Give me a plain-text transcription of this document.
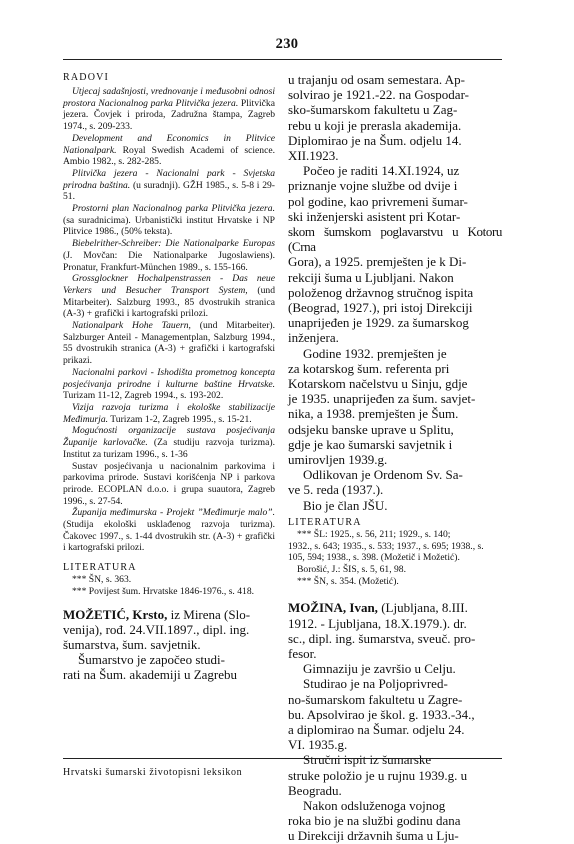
230

RADOVI

Utjecaj sadašnjosti, vrednovanje i međusobni odnosi prostora Nacionalnog parka Plitvička jezera. Plitvička jezera. Čovjek i priroda, Zadružna štampa, Zagreb 1974., s. 209-233.

Development and Economics in Plitvice Nationalpark. Royal Swedish Academi of science. Ambio 1982., s. 282-285.

Plitvička jezera - Nacionalni park - Svjetska prirodna baština. (u suradnji). GŽH 1985., s. 5-8 i 29-51.

Prostorni plan Nacionalnog parka Plitvička jezera. (sa suradnicima). Urbanistički institut Hrvatske i NP Plitvice 1986., (50% teksta).

Biebelrither-Schreiber: Die Nationalparke Europas (J. Movčan: Die Nationalparke Jugoslawiens). Pronatur, Frankfurt-München 1989., s. 155-166.

Grossglockner Hochalpenstrassen - Das neue Verkers und Besucher Transport System, (und Mitarbeiter). Salzburg 1993., 85 dvostrukih stranica (A-3) + grafički i kartografski prilozi.

Nationalpark Hohe Tauern, (und Mitarbeiter). Salzburger Anteil - Managementplan, Salzburg 1994., 55 dvostrukih stranica (A-3) + grafički i kartografski prikazi.

Nacionalni parkovi - Ishodišta prometnog koncepta posjećivanja prirodne i kulturne baštine Hrvatske. Turizam 11-12, Zagreb 1994., s. 193-202.

Vizija razvoja turizma i ekološke stabilizacije Međimurja. Turizam 1-2, Zagreb 1995., s. 15-21.

Mogućnosti organizacije sustava posjećivanja Županije karlovačke. (Za studiju razvoja turizma). Institut za turizam 1996., s. 1-36

Sustav posjećivanja u nacionalnim parkovima i parkovima prirode. Sustavi korišćenja NP i parkova prirode. ECOPLAN d.o.o. i grupa suautora, Zagreb 1996., s. 27-54.

Županija međimurska - Projekt ”Međimurje malo”. (Studija ekološki usklađenog razvoja turizma). Čakovec 1997., s. 1-44 dvostrukih str. (A-3) + grafički i kartografski prilozi.

LITERATURA

*** ŠN, s. 363.

*** Povijest šum. Hrvatske 1846-1976., s. 418.

MOŽETIĆ, Krsto, iz Mirena (Slo-

venija), rođ. 24.VII.1897., dipl. ing.

šumarstva, šum. savjetnik.

Šumarstvo je započeo studi-

rati na Šum. akademiji u Zagrebu

u trajanju od osam semestara. Ap-

solvirao je 1921.-22. na Gospodar-

sko-šumarskom fakultetu u Zag-

rebu u koji je prerasla akademija.

Diplomirao je na Šum. odjelu 14.

XII.1923.

Počeo je raditi 14.XI.1924, uz

priznanje vojne službe od dvije i

pol godine, kao privremeni šumar-

ski inženjerski asistent pri Kotar-

skom šumskom poglavarstvu u Kotoru (Crna

Gora), a 1925. premješten je k Di-

rekciji šuma u Ljubljani. Nakon

položenog državnog stručnog ispita

(Beograd, 1927.), pri istoj Direkciji

unapriјeđen je 1929. za šumarskog

inženjera.

Godine 1932. premješten je

za kotarskog šum. referenta pri

Kotarskom načelstvu u Sinju, gdje

je 1935. unaprijeđen za šum. savjet-

nika, a 1938. premješten je Šum.

odsjeku banske uprave u Splitu,

gdje je kao šumarski savjetnik i

umirovljen 1939.g.

Odlikovan je Ordenom Sv. Sa-

ve 5. reda (1937.).

Bio je član JŠU.

LITERATURA

*** ŠL: 1925., s. 56, 211; 1929., s. 140;

1932., s. 643; 1935., s. 533; 1937., s. 695; 1938., s.

105, 594; 1938., s. 398. (Možetič i Možetić).

Borošić, J.: ŠIS, s. 5, 61, 98.

*** ŠN, s. 354. (Možetić).

MOŽINA, Ivan, (Ljubljana, 8.III.

1912. - Ljubljana, 18.X.1979.). dr.

sc., dipl. ing. šumarstva, sveuč. pro-

fesor.

Gimnaziju je završio u Celju.

Studirao je na Poljoprivred-

no-šumarskom fakultetu u Zagre-

bu. Apsolvirao je škol. g. 1933.-34.,

a diplomirao na Šumar. odjelu 24.

VI. 1935.g.

Stručni ispit iz šumarske

struke položio je u rujnu 1939.g. u

Beogradu.

Nakon odsluženoga vojnog

roka bio je na službi godinu dana

u Direkciji državnih šuma u Lju-

Hrvatski šumarski životopisni leksikon
